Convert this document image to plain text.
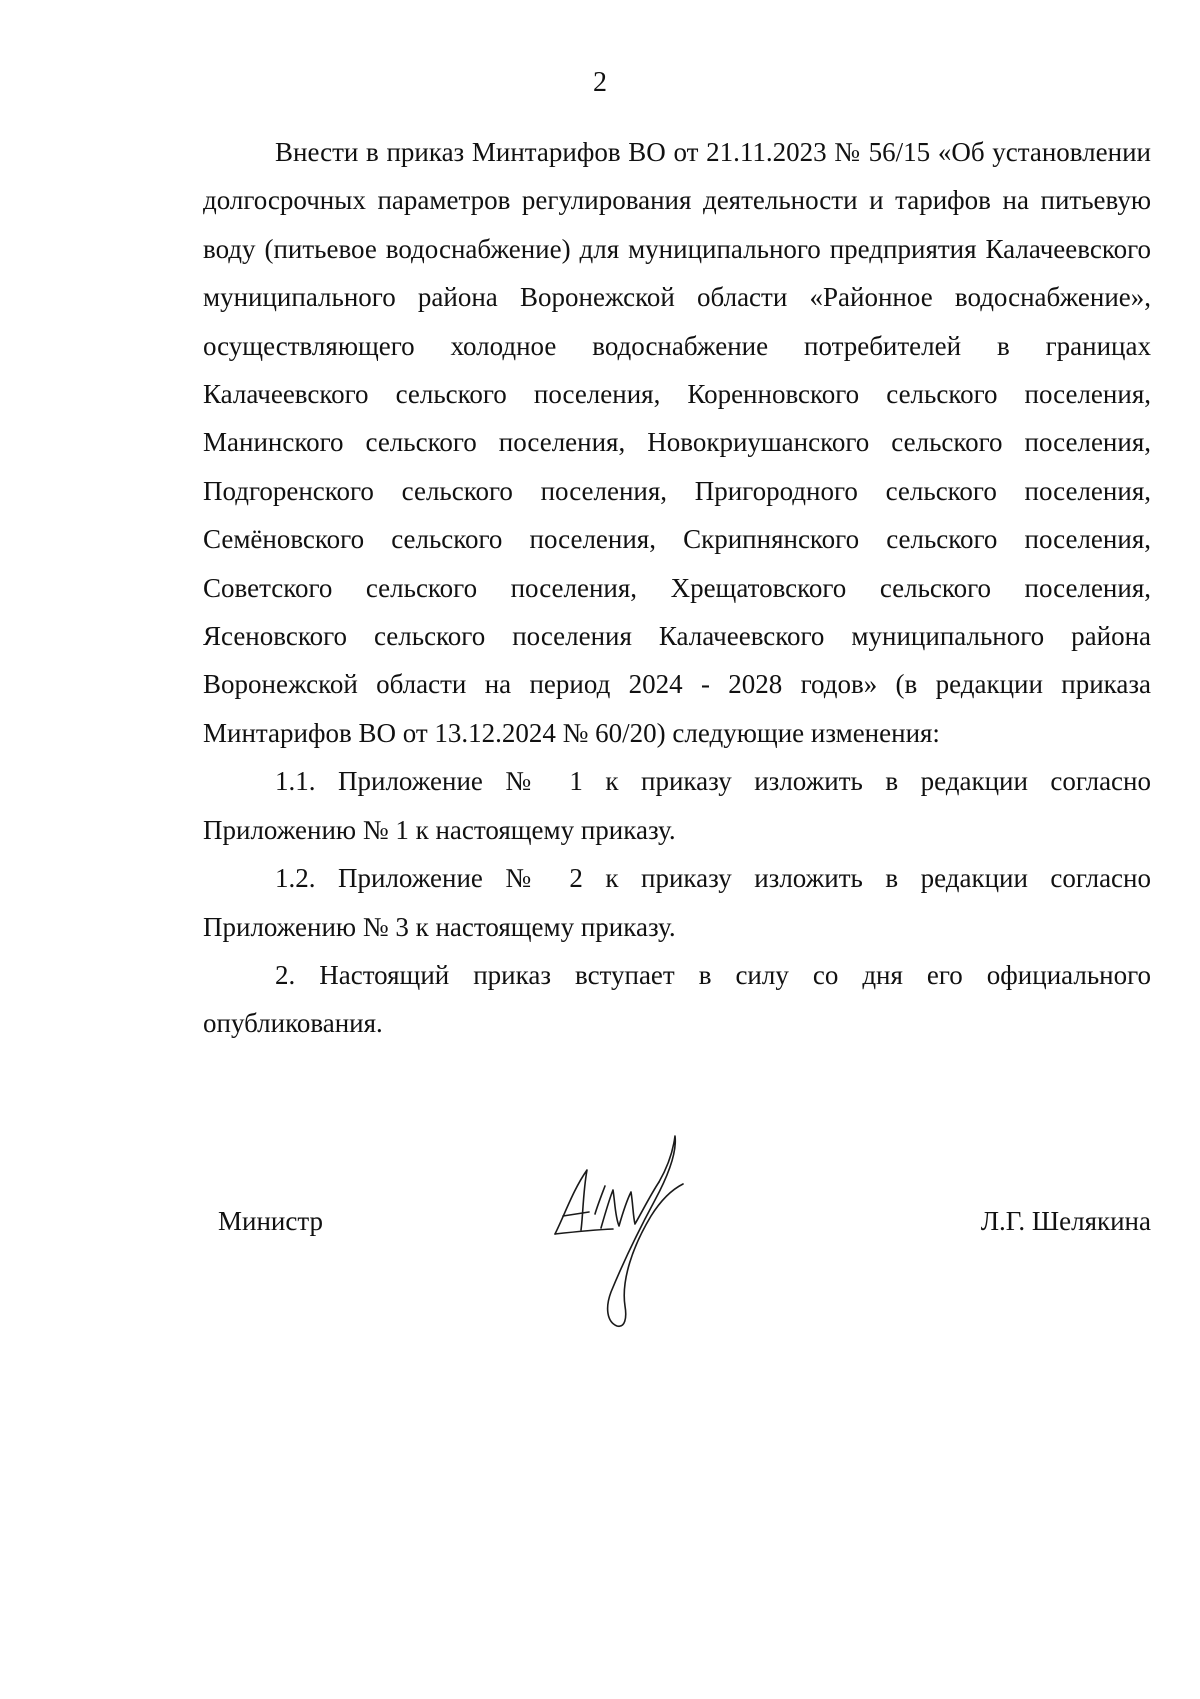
2

Внести в приказ Минтарифов ВО от 21.11.2023 № 56/15 «Об установлении долгосрочных параметров регулирования деятельности и тарифов на питьевую воду (питьевое водоснабжение) для муниципального предприятия Калачеевского муниципального района Воронежской области «Районное водоснабжение», осуществляющего холодное водоснабжение потребителей в границах Калачеевского сельского поселения, Коренновского сельского поселения, Манинского сельского поселения, Новокриушанского сельского поселения, Подгоренского сельского поселения, Пригородного сельского поселения, Семёновского сельского поселения, Скрипнянского сельского поселения, Советского сельского поселения, Хрещатовского сельского поселения, Ясеновского сельского поселения Калачеевского муниципального района Воронежской области на период 2024 - 2028 годов» (в редакции приказа Минтарифов ВО от 13.12.2024 № 60/20) следующие изменения:

1.1. Приложение № 1 к приказу изложить в редакции согласно Приложению № 1 к настоящему приказу.

1.2. Приложение № 2 к приказу изложить в редакции согласно Приложению № 3 к настоящему приказу.

2. Настоящий приказ вступает в силу со дня его официального опубликования.

Министр	Л.Г. Шелякина
